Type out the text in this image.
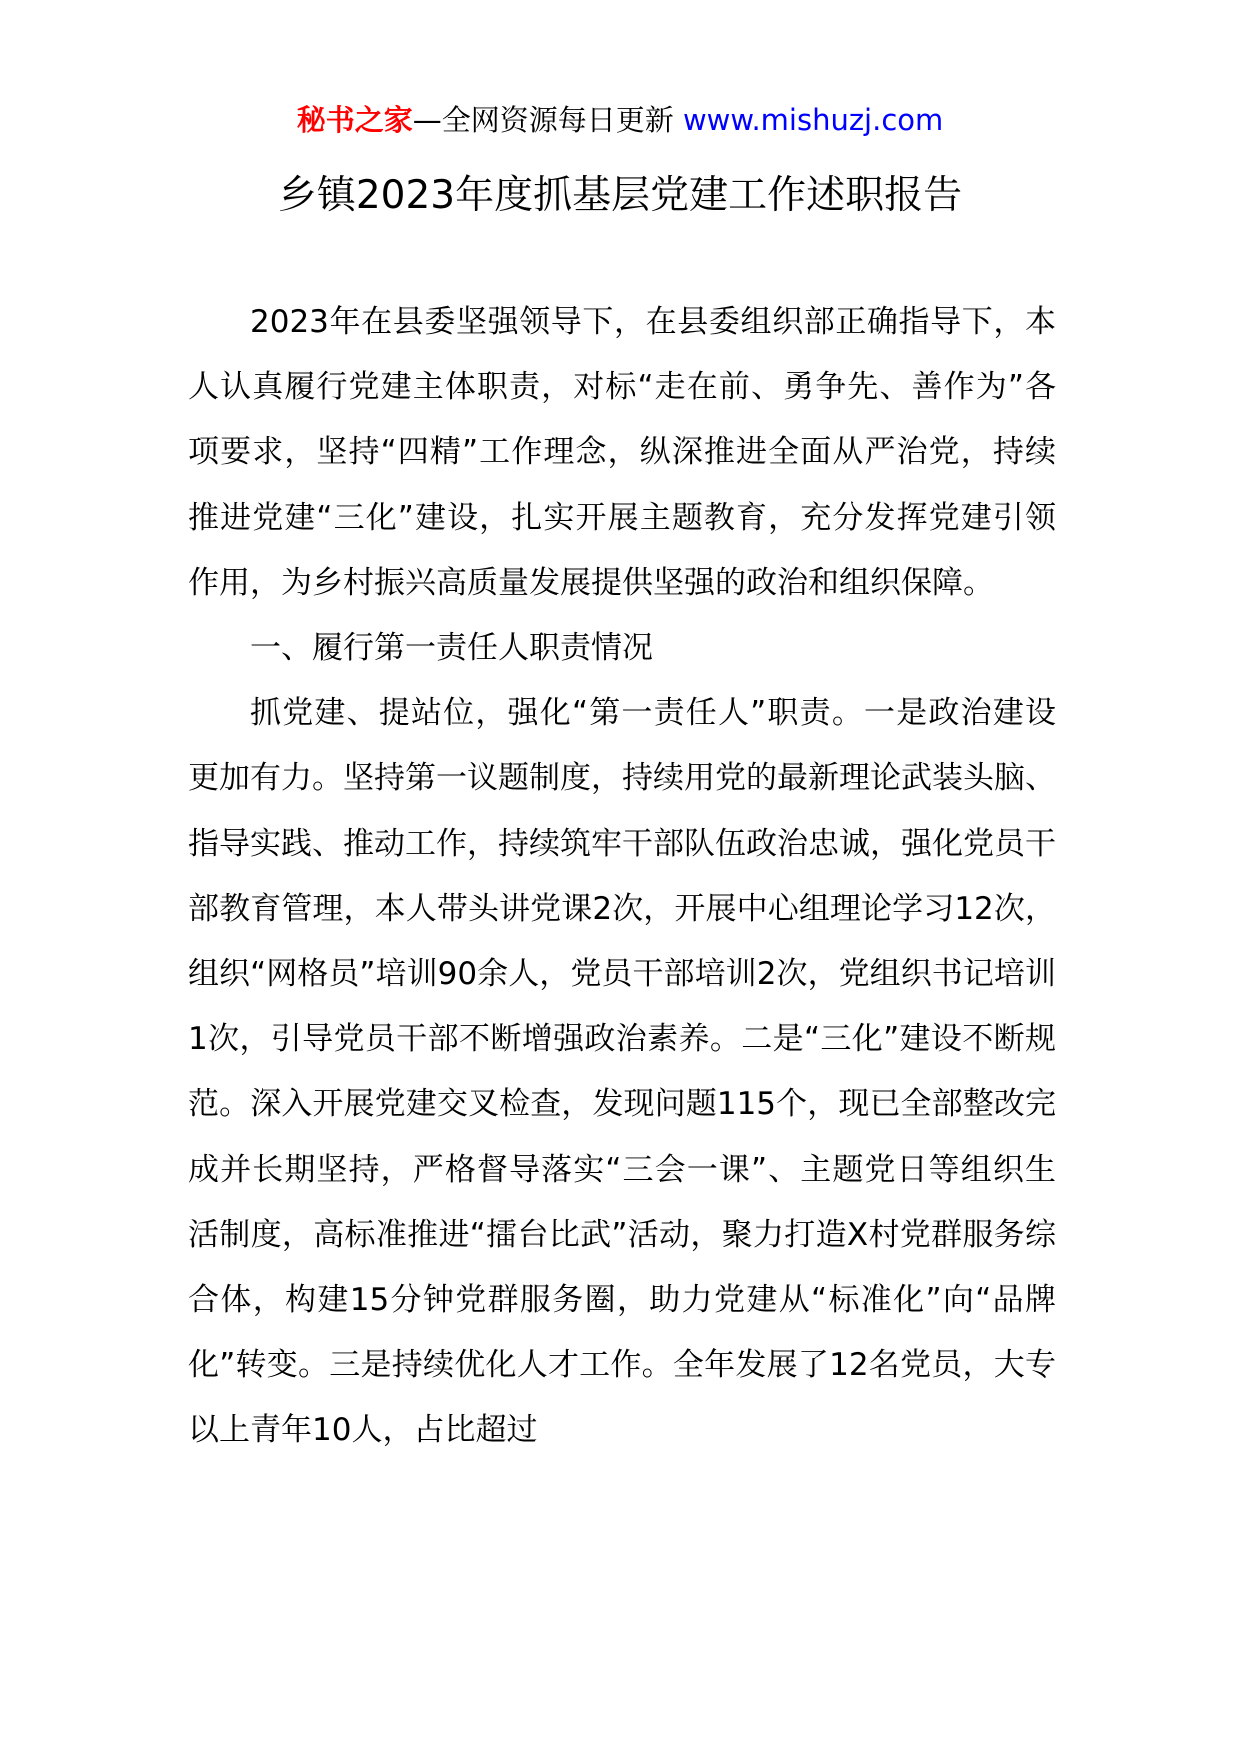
秘书之家—全网资源每日更新 www.mishuzj.com
乡镇2023年度抓基层党建工作述职报告

2023年在县委坚强领导下，在县委组织部正确指导下，本人认真履行党建主体职责，对标“走在前、勇争先、善作为”各项要求，坚持“四精”工作理念，纵深推进全面从严治党，持续推进党建“三化”建设，扎实开展主题教育，充分发挥党建引领作用，为乡村振兴高质量发展提供坚强的政治和组织保障。

一、履行第一责任人职责情况

抓党建、提站位，强化“第一责任人”职责。一是政治建设更加有力。坚持第一议题制度，持续用党的最新理论武装头脑、指导实践、推动工作，持续筑牢干部队伍政治忠诚，强化党员干部教育管理，本人带头讲党课2次，开展中心组理论学习12次，组织“网格员”培训90余人，党员干部培训2次，党组织书记培训1次，引导党员干部不断增强政治素养。二是“三化”建设不断规范。深入开展党建交叉检查，发现问题115个，现已全部整改完成并长期坚持，严格督导落实“三会一课”、主题党日等组织生活制度，高标准推进“擂台比武”活动，聚力打造X村党群服务综合体，构建15分钟党群服务圈，助力党建从“标准化”向“品牌化”转变。三是持续优化人才工作。全年发展了12名党员，大专以上青年10人，占比超过
